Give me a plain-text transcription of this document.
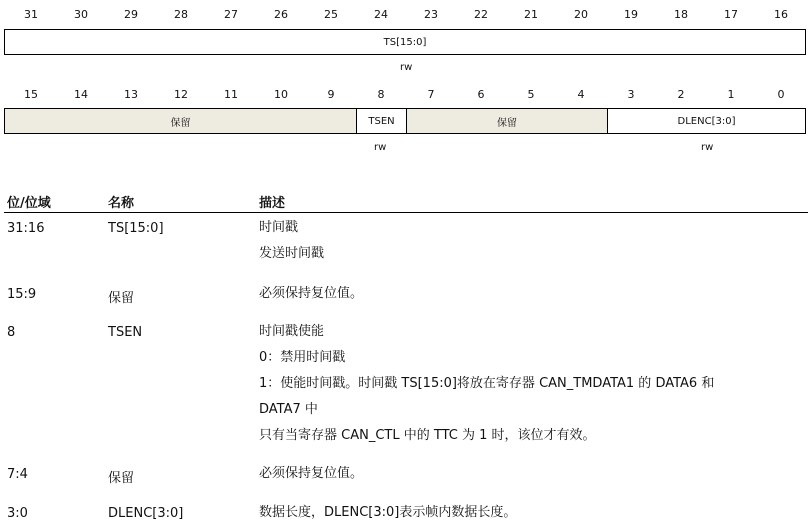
31	30	29	28	27	26	25	24	23	22	21	20	19	18	17	16
TS[15:0]
rw
15	14	13	12	11	10	9	8	7	6	5	4	3	2	1	0
保留	TSEN	保留	DLENC[3:0]
rw	rw
位/位域	名称	描述
31:16	TS[15:0]	时间戳
发送时间戳
15:9	保留	必须保持复位值。
8	TSEN	时间戳使能
0：禁用时间戳
1：使能时间戳。时间戳 TS[15:0]将放在寄存器 CAN_TMDATA1 的 DATA6 和
DATA7 中
只有当寄存器 CAN_CTL 中的 TTC 为 1 时，该位才有效。
7:4	保留	必须保持复位值。
3:0	DLENC[3:0]	数据长度，DLENC[3:0]表示帧内数据长度。
